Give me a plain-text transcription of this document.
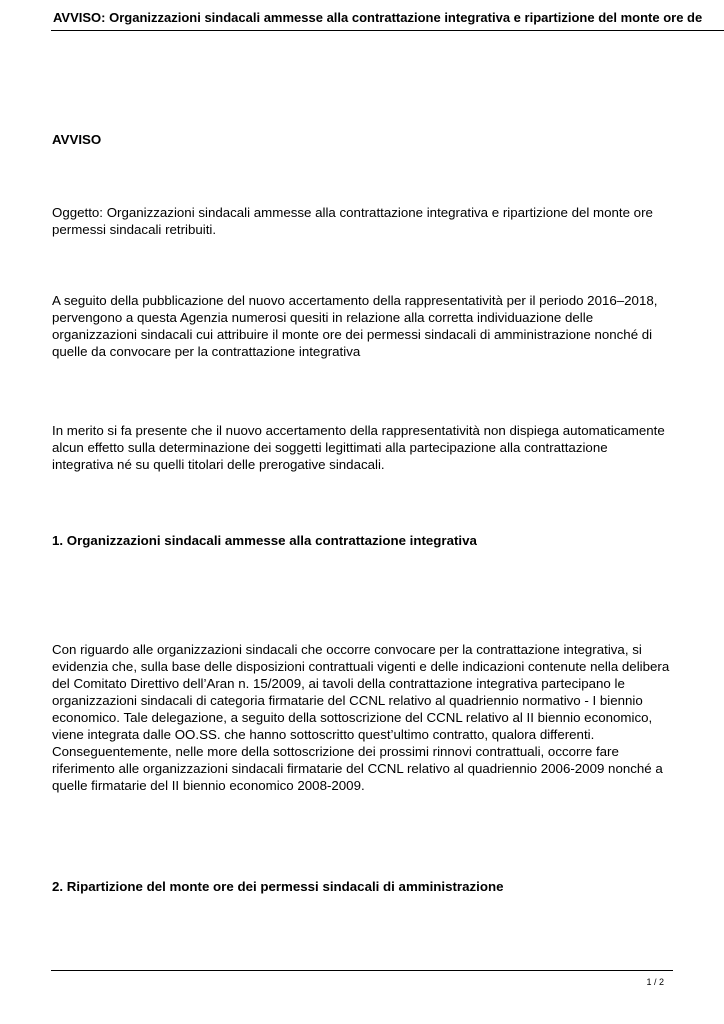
AVVISO: Organizzazioni sindacali ammesse alla contrattazione integrativa e ripartizione del monte ore de

AVVISO

Oggetto: Organizzazioni sindacali ammesse alla contrattazione integrativa e ripartizione del monte ore permessi sindacali retribuiti.

A seguito della pubblicazione del nuovo accertamento della rappresentatività per il periodo 2016–2018, pervengono a questa Agenzia numerosi quesiti in relazione alla corretta individuazione delle organizzazioni sindacali cui attribuire il monte ore dei permessi sindacali di amministrazione nonché di quelle da convocare per la contrattazione integrativa

In merito si fa presente che il nuovo accertamento della rappresentatività non dispiega automaticamente alcun effetto sulla determinazione dei soggetti legittimati alla partecipazione alla contrattazione integrativa né su quelli titolari delle prerogative sindacali.

1. Organizzazioni sindacali ammesse alla contrattazione integrativa

Con riguardo alle organizzazioni sindacali che occorre convocare per la contrattazione integrativa, si evidenzia che, sulla base delle disposizioni contrattuali vigenti e delle indicazioni contenute nella delibera del Comitato Direttivo dell’Aran n. 15/2009, ai tavoli della contrattazione integrativa partecipano le organizzazioni sindacali di categoria firmatarie del CCNL relativo al quadriennio normativo - I biennio economico. Tale delegazione, a seguito della sottoscrizione del CCNL relativo al II biennio economico, viene integrata dalle OO.SS. che hanno sottoscritto quest’ultimo contratto, qualora differenti. Conseguentemente, nelle more della sottoscrizione dei prossimi rinnovi contrattuali, occorre fare riferimento alle organizzazioni sindacali firmatarie del CCNL relativo al quadriennio 2006-2009 nonché a quelle firmatarie del II biennio economico 2008-2009.

2. Ripartizione del monte ore dei permessi sindacali di amministrazione

1 / 2
